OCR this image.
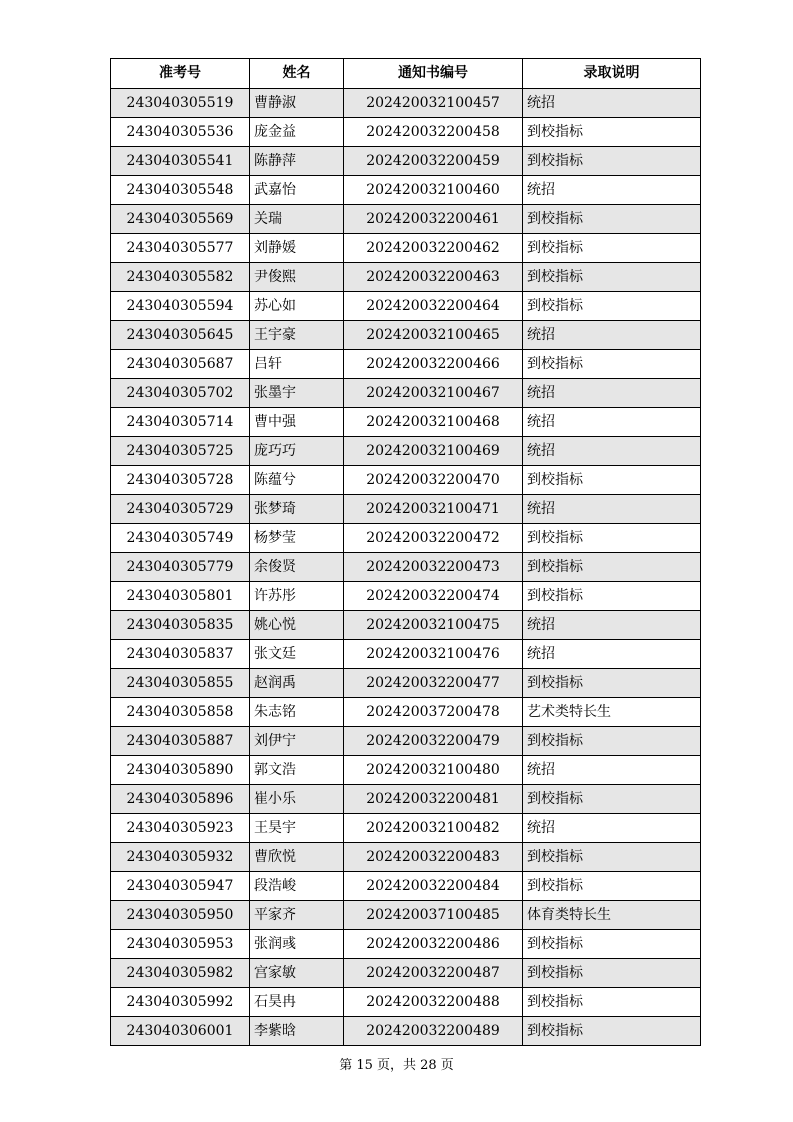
准考号	姓名	通知书编号	录取说明
243040305519	曹静淑	202420032100457	统招
243040305536	庞金益	202420032200458	到校指标
243040305541	陈静萍	202420032200459	到校指标
243040305548	武嘉怡	202420032100460	统招
243040305569	关瑞	202420032200461	到校指标
243040305577	刘静媛	202420032200462	到校指标
243040305582	尹俊熙	202420032200463	到校指标
243040305594	苏心如	202420032200464	到校指标
243040305645	王宇豪	202420032100465	统招
243040305687	吕轩	202420032200466	到校指标
243040305702	张墨宇	202420032100467	统招
243040305714	曹中强	202420032100468	统招
243040305725	庞巧巧	202420032100469	统招
243040305728	陈蕴兮	202420032200470	到校指标
243040305729	张梦琦	202420032100471	统招
243040305749	杨梦莹	202420032200472	到校指标
243040305779	余俊贤	202420032200473	到校指标
243040305801	许苏彤	202420032200474	到校指标
243040305835	姚心悦	202420032100475	统招
243040305837	张文廷	202420032100476	统招
243040305855	赵润禹	202420032200477	到校指标
243040305858	朱志铭	202420037200478	艺术类特长生
243040305887	刘伊宁	202420032200479	到校指标
243040305890	郭文浩	202420032100480	统招
243040305896	崔小乐	202420032200481	到校指标
243040305923	王昊宇	202420032100482	统招
243040305932	曹欣悦	202420032200483	到校指标
243040305947	段浩峻	202420032200484	到校指标
243040305950	平家齐	202420037100485	体育类特长生
243040305953	张润彧	202420032200486	到校指标
243040305982	宫家敏	202420032200487	到校指标
243040305992	石昊冉	202420032200488	到校指标
243040306001	李紫晗	202420032200489	到校指标
第 15 页，共 28 页
